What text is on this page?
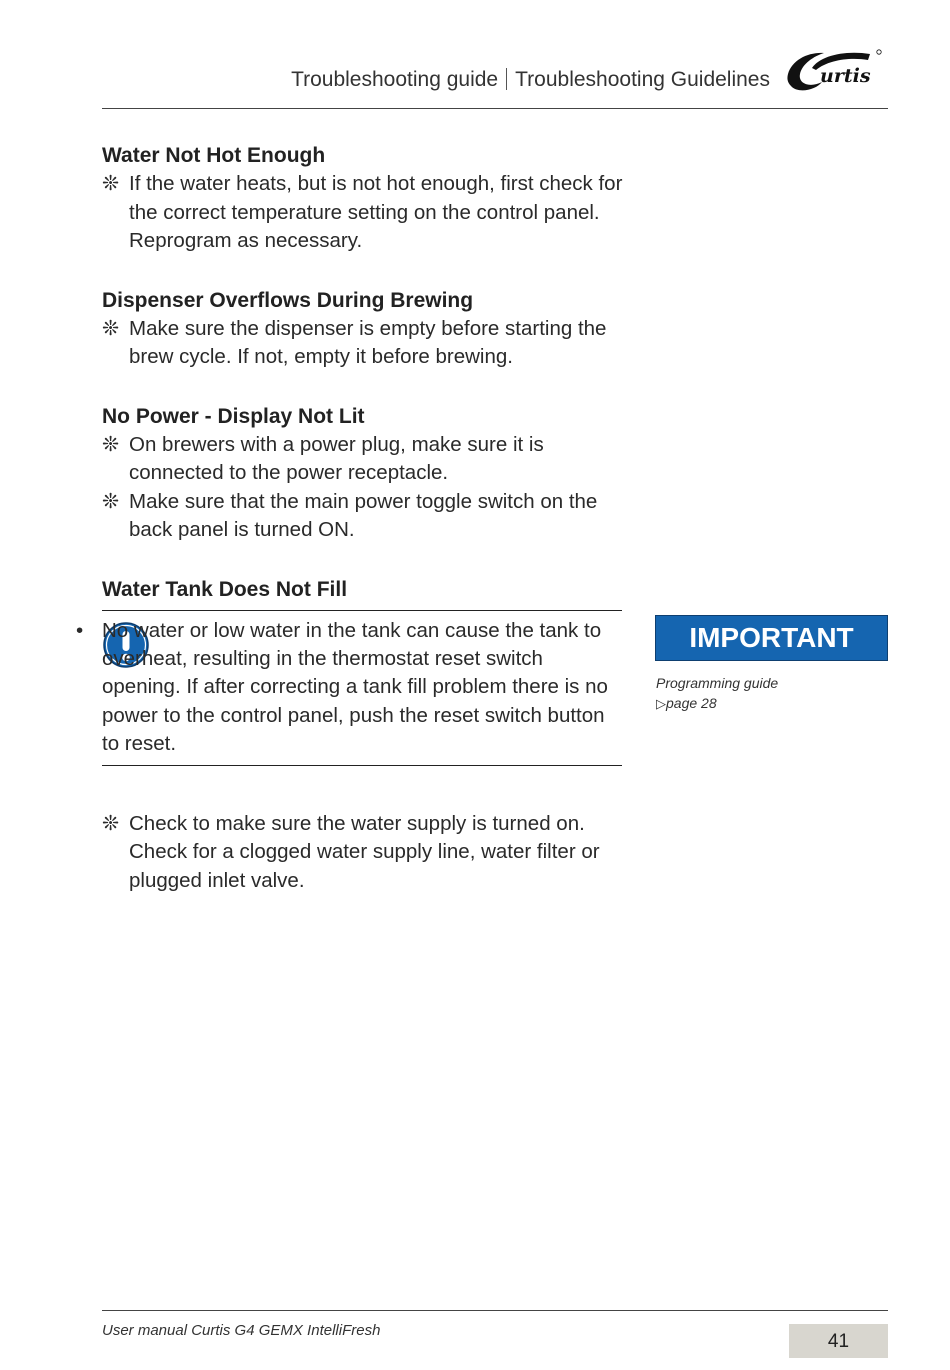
Troubleshooting guide Troubleshooting Guidelines	urtis

Water Not Hot Enough

❊ If the water heats, but is not hot enough, first check for the correct temperature setting on the control panel. Reprogram as necessary.

Dispenser Overflows During Brewing

❊ Make sure the dispenser is empty before starting the brew cycle. If not, empty it before brewing.

No Power - Display Not Lit

❊ On brewers with a power plug, make sure it is connected to the power receptacle.

❊ Make sure that the main power toggle switch on the back panel is turned ON.

Water Tank Does Not Fill

• No water or low water in the tank can cause the tank to overheat, resulting in the thermostat reset switch opening. If after correcting a tank fill problem there is no power to the control panel, push the reset switch button to reset.

❊ Check to make sure the water supply is turned on. Check for a clogged water supply line, water filter or plugged inlet valve.

IMPORTANT
Programming guide
▷page 28
User manual Curtis G4 GEMX IntelliFresh
41
